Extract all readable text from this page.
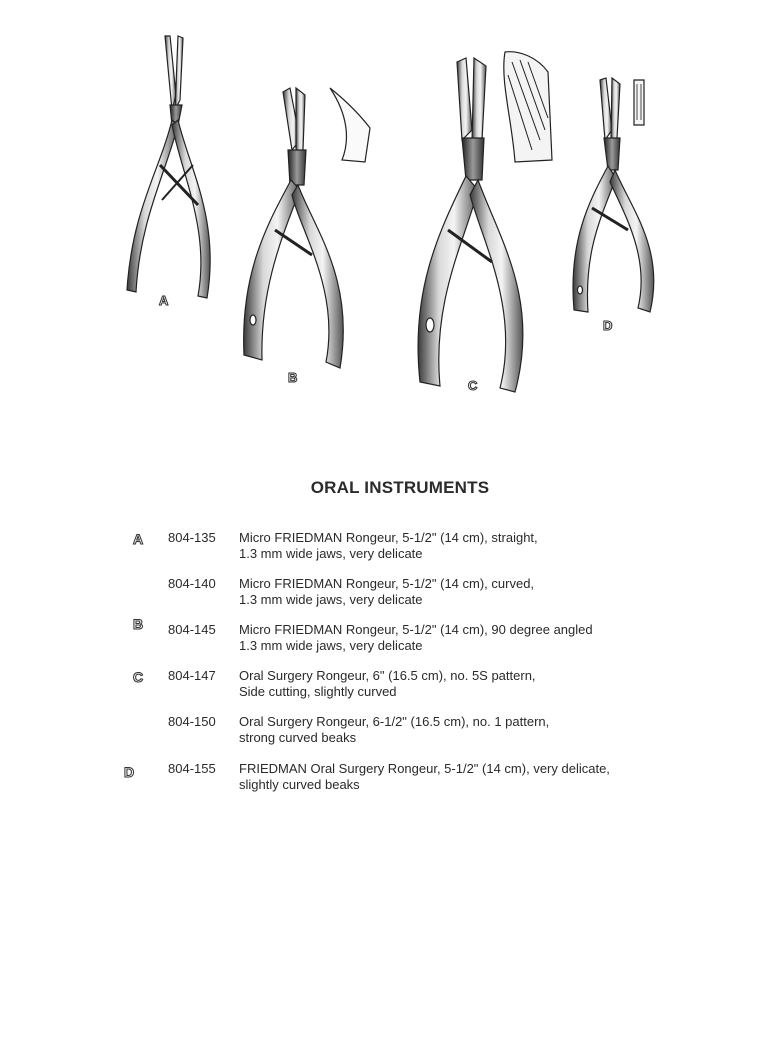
A
B
C
D
ORAL INSTRUMENTS
A 804-135 Micro FRIEDMAN Rongeur, 5-1/2" (14 cm), straight,
1.3 mm wide jaws, very delicate
804-140 Micro FRIEDMAN Rongeur, 5-1/2" (14 cm), curved,
1.3 mm wide jaws, very delicate
B 804-145 Micro FRIEDMAN Rongeur, 5-1/2" (14 cm), 90 degree angled
1.3 mm wide jaws, very delicate
C 804-147 Oral Surgery Rongeur, 6" (16.5 cm), no. 5S pattern,
Side cutting, slightly curved
804-150 Oral Surgery Rongeur, 6-1/2" (16.5 cm), no. 1 pattern,
strong curved beaks
D	804-155 FRIEDMAN Oral Surgery Rongeur, 5-1/2" (14 cm), very delicate,
slightly curved beaks
